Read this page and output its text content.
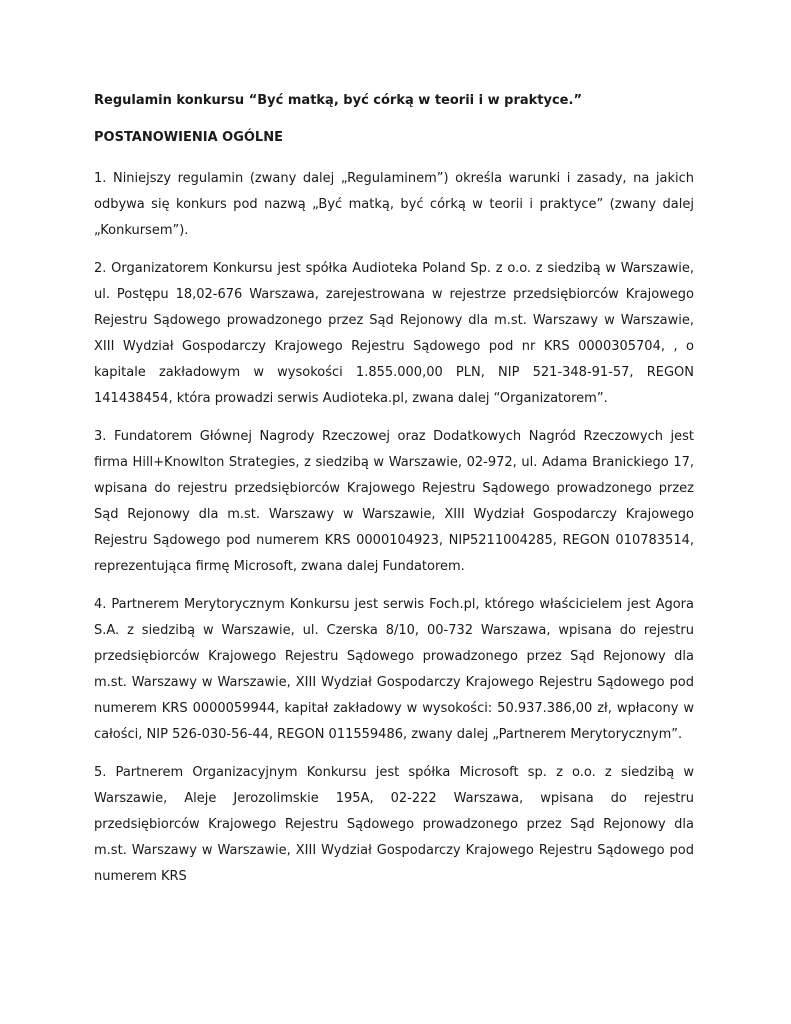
Regulamin konkursu “Być matką, być córką w teorii i w praktyce.”
POSTANOWIENIA OGÓLNE

1. Niniejszy regulamin (zwany dalej „Regulaminem”) określa warunki i zasady, na jakich odbywa się konkurs pod nazwą „Być matką, być córką w teorii i praktyce” (zwany dalej „Konkursem”).

2. Organizatorem Konkursu jest spółka Audioteka Poland Sp. z o.o. z siedzibą w Warszawie, ul. Postępu 18,02-676 Warszawa, zarejestrowana w rejestrze przedsiębiorców Krajowego Rejestru Sądowego prowadzonego przez Sąd Rejonowy dla m.st. Warszawy w Warszawie, XIII Wydział Gospodarczy Krajowego Rejestru Sądowego pod nr KRS 0000305704, , o kapitale zakładowym w wysokości 1.855.000,00 PLN, NIP 521-348-91-57, REGON 141438454, która prowadzi serwis Audioteka.pl, zwana dalej “Organizatorem”.

3. Fundatorem Głównej Nagrody Rzeczowej oraz Dodatkowych Nagród Rzeczowych jest firma Hill+Knowlton Strategies, z siedzibą w Warszawie, 02-972, ul. Adama Branickiego 17, wpisana do rejestru przedsiębiorców Krajowego Rejestru Sądowego prowadzonego przez Sąd Rejonowy dla m.st. Warszawy w Warszawie, XIII Wydział Gospodarczy Krajowego Rejestru Sądowego pod numerem KRS 0000104923, NIP5211004285, REGON 010783514, reprezentująca firmę Microsoft, zwana dalej Fundatorem.

4. Partnerem Merytorycznym Konkursu jest serwis Foch.pl, którego właścicielem jest Agora S.A. z siedzibą w Warszawie, ul. Czerska 8/10, 00-732 Warszawa, wpisana do rejestru przedsiębiorców Krajowego Rejestru Sądowego prowadzonego przez Sąd Rejonowy dla m.st. Warszawy w Warszawie, XIII Wydział Gospodarczy Krajowego Rejestru Sądowego pod numerem KRS 0000059944, kapitał zakładowy w wysokości: 50.937.386,00 zł, wpłacony w całości, NIP 526-030-56-44, REGON 011559486, zwany dalej „Partnerem Merytorycznym”.

5. Partnerem Organizacyjnym Konkursu jest spółka Microsoft sp. z o.o. z siedzibą w Warszawie, Aleje Jerozolimskie 195A, 02-222 Warszawa, wpisana do rejestru przedsiębiorców Krajowego Rejestru Sądowego prowadzonego przez Sąd Rejonowy dla m.st. Warszawy w Warszawie, XIII Wydział Gospodarczy Krajowego Rejestru Sądowego pod numerem KRS
